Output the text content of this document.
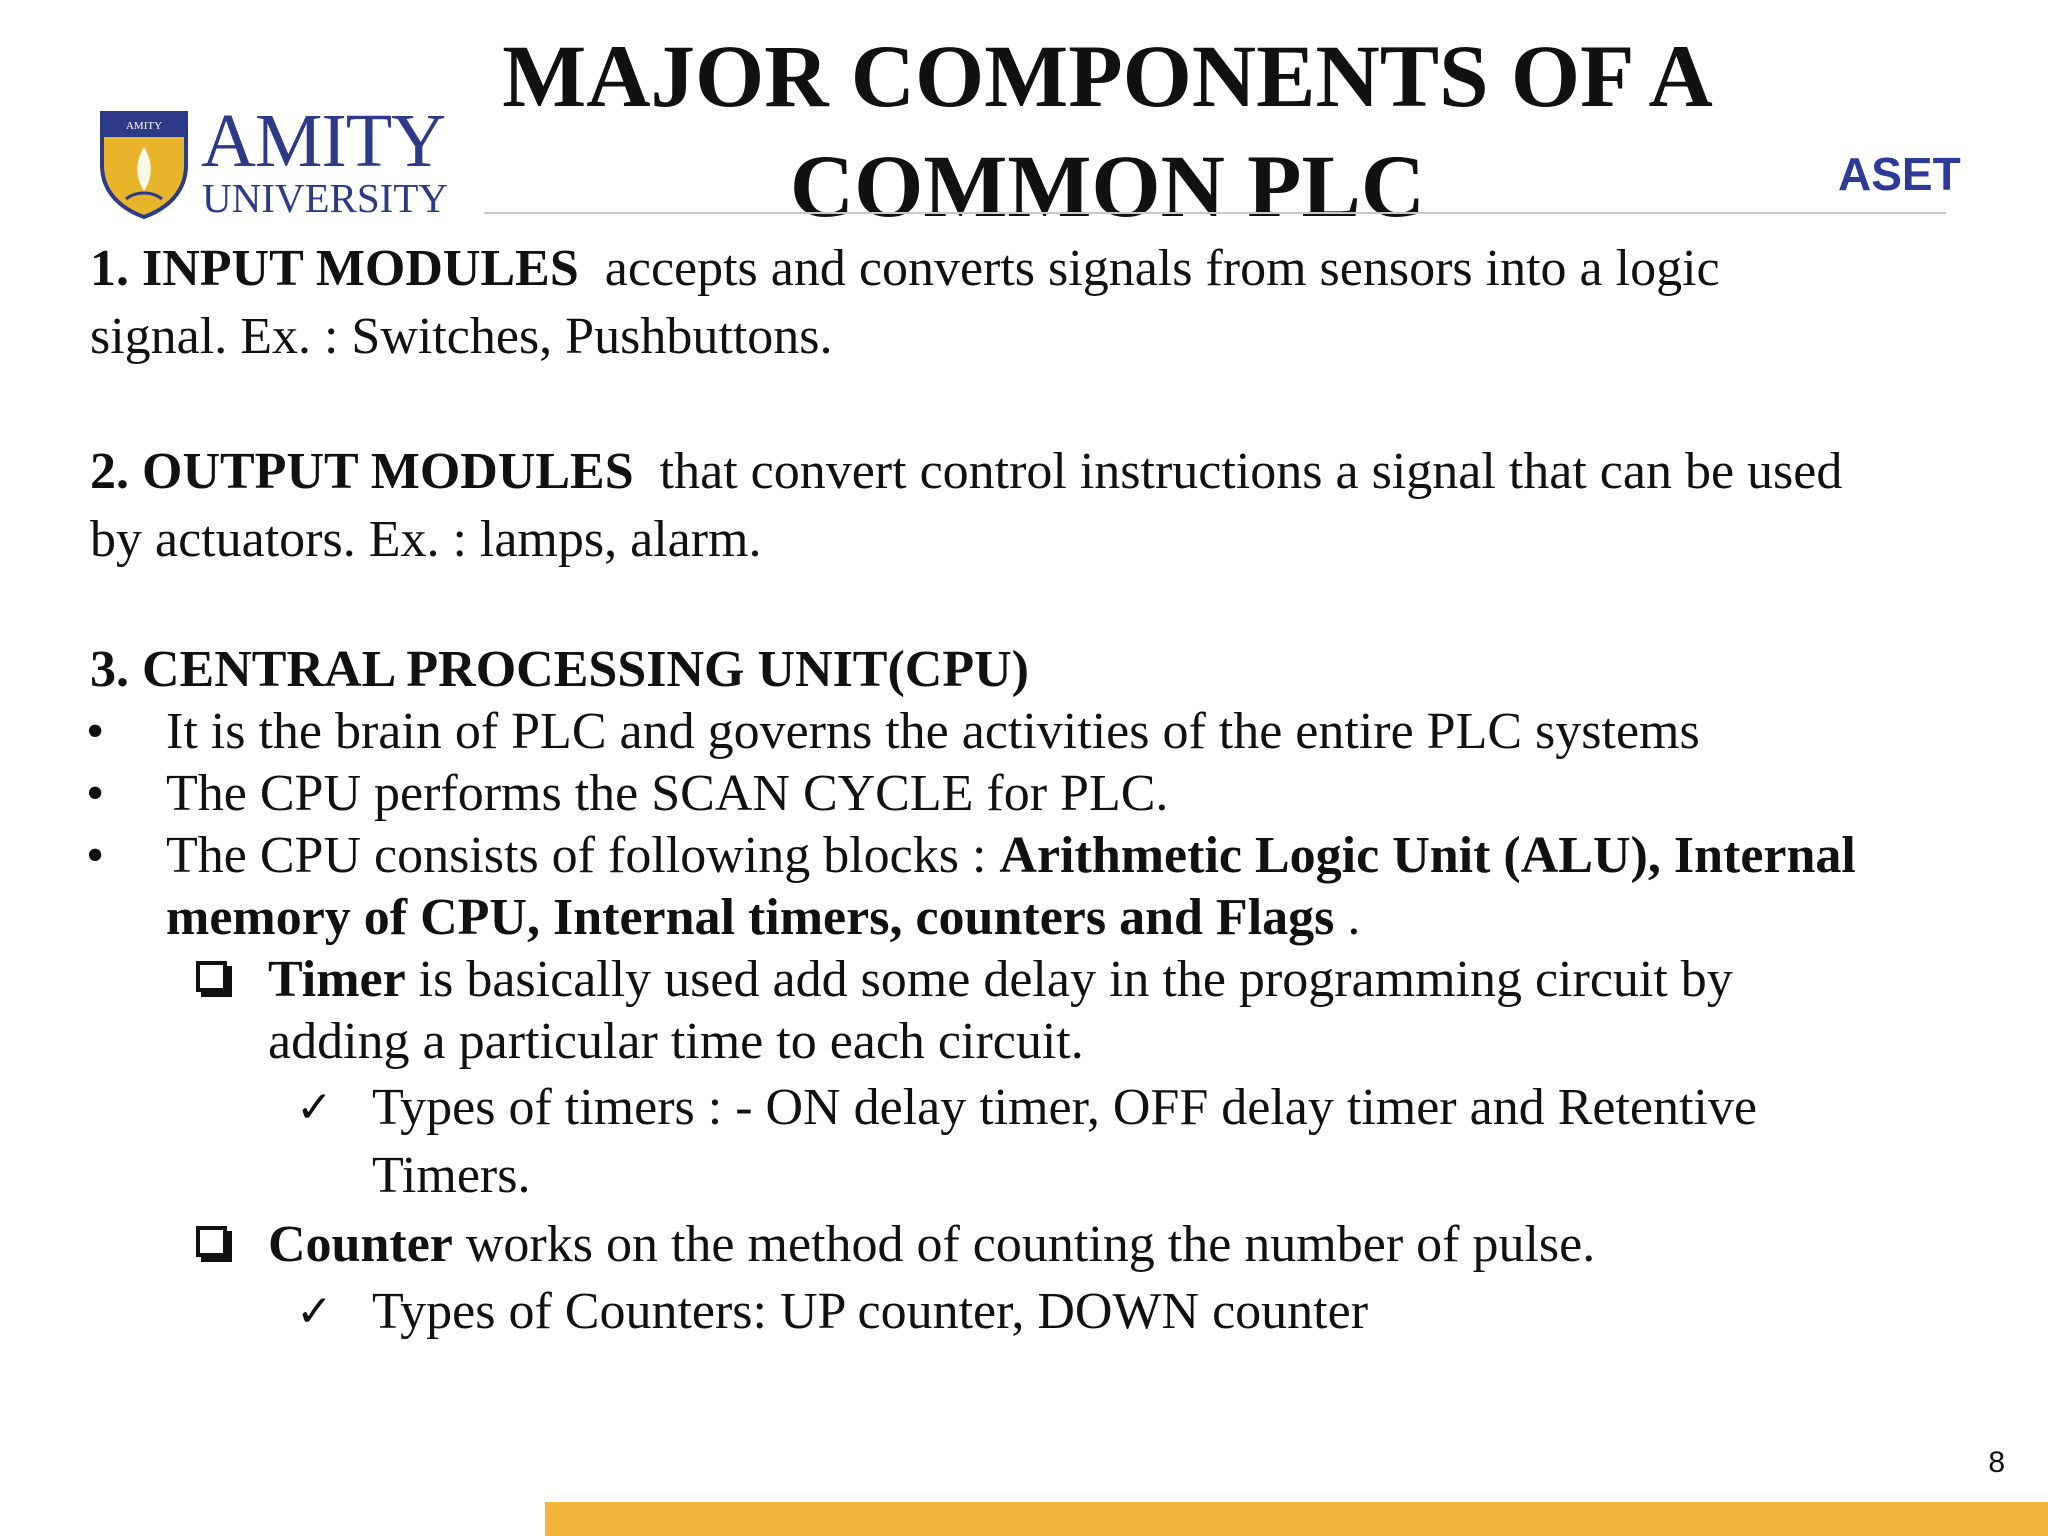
AMITY AMITY
UNIVERSITY
MAJOR COMPONENTS OF A
COMMON PLC	ASET
1. INPUT MODULES accepts and converts signals from sensors into a logic
signal. Ex. : Switches, Pushbuttons.
2. OUTPUT MODULES that convert control instructions a signal that can be used
by actuators. Ex. : lamps, alarm.
3. CENTRAL PROCESSING UNIT(CPU)
• It is the brain of PLC and governs the activities of the entire PLC systems
• The CPU performs the SCAN CYCLE for PLC.
• The CPU consists of following blocks : Arithmetic Logic Unit (ALU), Internal
memory of CPU, Internal timers, counters and Flags .
Timer is basically used add some delay in the programming circuit by
adding a particular time to each circuit.
✓ Types of timers : - ON delay timer, OFF delay timer and Retentive
Timers.
Counter works on the method of counting the number of pulse.
✓ Types of Counters: UP counter, DOWN counter
8
